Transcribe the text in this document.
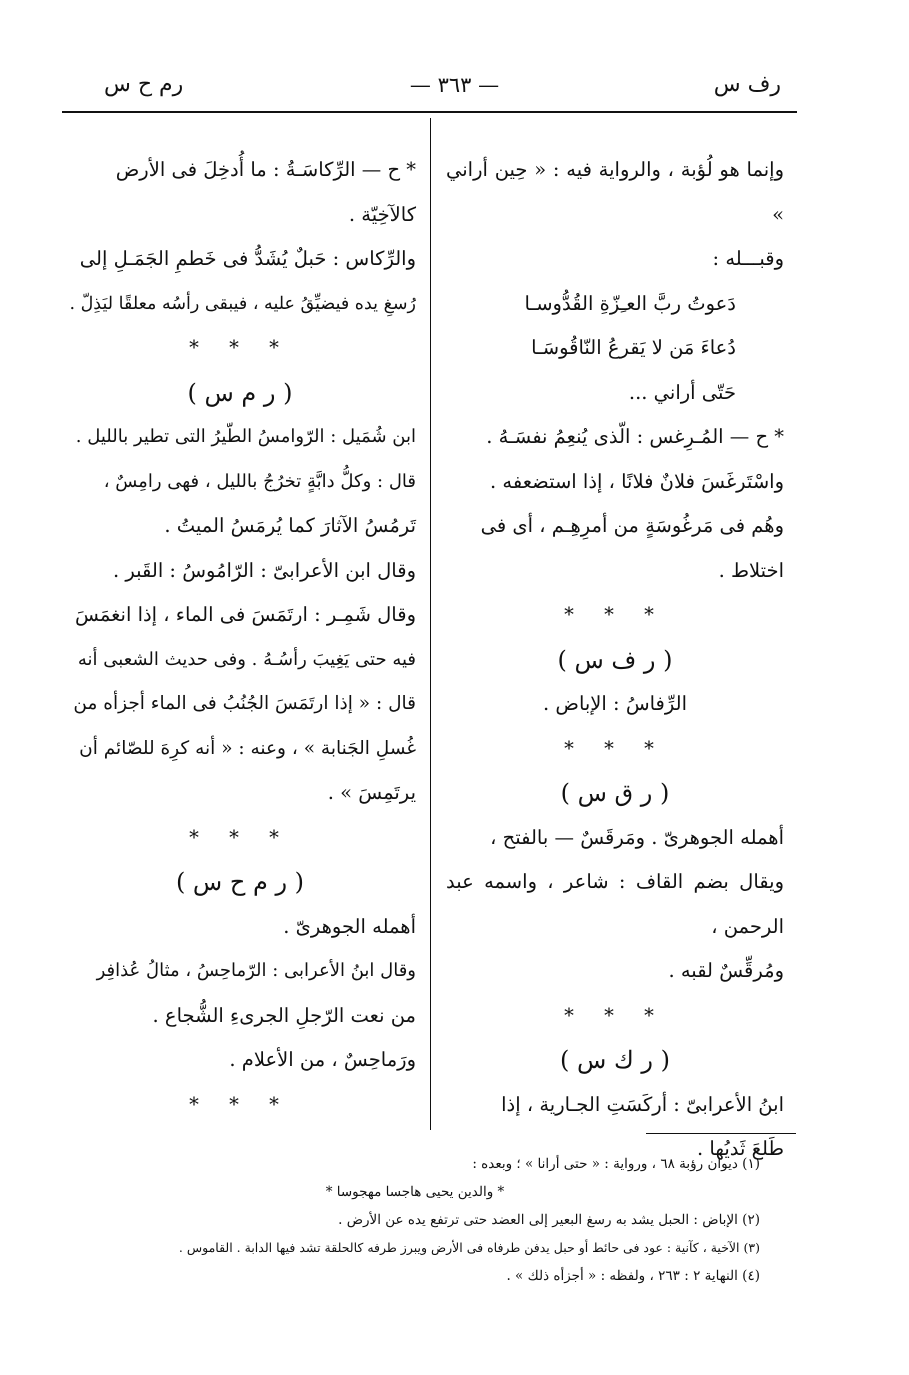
رف س
— ٣٦٣ —
رم ح س

وإنما هو لُؤبة ، والرواية فيه : « حِين أراني »

وقبـــله :

دَعوتُ ربَّ العـِزّةِ القُدُّوسـا

دُعاءَ مَن لا يَقرعُ النّاقُوسَـا

حَتّى أراني ...

* ح — المُـرِغس : الّذى يُنعِمُ نفسَـهُ .

واسْتَرغَسَ فلانٌ فلانًا ، إذا استضعفه .

وهُم فى مَرغُوسَةٍ من أمرِهِـم ، أى فى

اختلاط .

* * *

( ر ف س )

الرِّفاسُ : الإباض .

* * *

( ر ق س )

أهمله الجوهرىّ . ومَرقَسٌ — بالفتح ،

ويقال بضم القاف : شاعر ، واسمه عبد الرحمن ،

ومُرقِّسٌ لقبه .

* * *

( ر ك س )

ابنُ الأعرابىّ : أركَسَتِ الجـارية ، إذا

طَلعَ ثَديُها .

* ح — الرِّكاسَـةُ : ما أُدخِلَ فى الأرض

كالآخِيّة .

والرِّكاس : حَبلٌ يُشَدُّ فى خَطمِ الجَمَـلِ إلى

رُسغِ يده فيضيِّقُ عليه ، فيبقى رأسُه معلقًا ليَذِلّ .

* * *

( ر م س )

ابن شُمَيل : الرّوامسُ الطّيرُ التى تطير بالليل .

قال : وكلُّ دابَّةٍ تخرُجُ بالليل ، فهى رامِسٌ ،

تَرمُسُ الآثارَ كما يُرمَسُ الميتُ .

وقال ابن الأعرابىّ : الرّامُوسُ : القَبر .

وقال شَمِـر : ارتَمَسَ فى الماء ، إذا انغمَسَ

فيه حتى يَغِيبَ رأسُـهُ . وفى حديث الشعبى أنه

قال : « إذا ارتَمَسَ الجُنُبُ فى الماء أجزأه من

غُسلِ الجَنابة » ، وعنه : « أنه كرِهَ للصّائم أن

يرتَمِسَ » .

* * *

( ر م ح س )

أهمله الجوهرىّ .

وقال ابنُ الأعرابى : الرّماحِسُ ، مثالُ عُذافِر

من نعت الرّجلِ الجرىءِ الشُّجاع .

ورَماحِسٌ ، من الأعلام .

* * *

(١) ديوان رؤبة ٦٨ ، ورواية : « حتى أرانا » ؛ وبعده :

* والدين يحيى هاجسا مهجوسا *

(٢) الإباض : الحبل يشد به رسغ البعير إلى العضد حتى ترتفع يده عن الأرض .

(٣) الآخية ، كآنية : عود فى حائط أو حبل يدفن طرفاه فى الأرض ويبرز طرفه كالحلقة تشد فيها الدابة . القاموس .

(٤) النهاية ٢ : ٢٦٣ ، ولفظه : « أجزأه ذلك » .
